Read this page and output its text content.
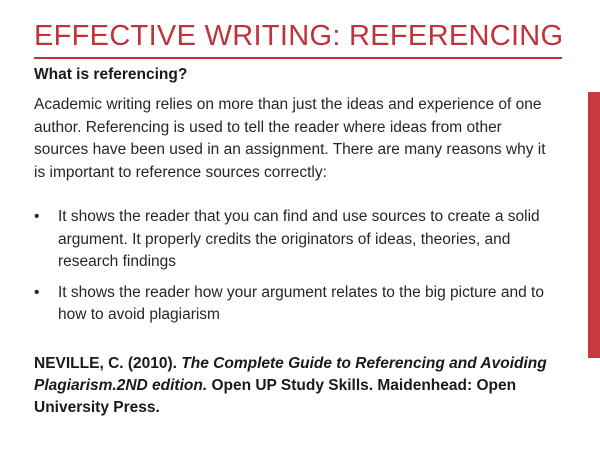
EFFECTIVE WRITING: REFERENCING

What is referencing?

Academic writing relies on more than just the ideas and experience of one author. Referencing is used to tell the reader where ideas from other sources have been used in an assignment. There are many reasons why it is important to reference sources correctly:

• It shows the reader that you can find and use sources to create a solid argument. It properly credits the originators of ideas, theories, and research findings
• It shows the reader how your argument relates to the big picture and to how to avoid plagiarism
NEVILLE, C. (2010). The Complete Guide to Referencing and Avoiding Plagiarism.2ND edition. Open UP Study Skills. Maidenhead: Open University Press.
